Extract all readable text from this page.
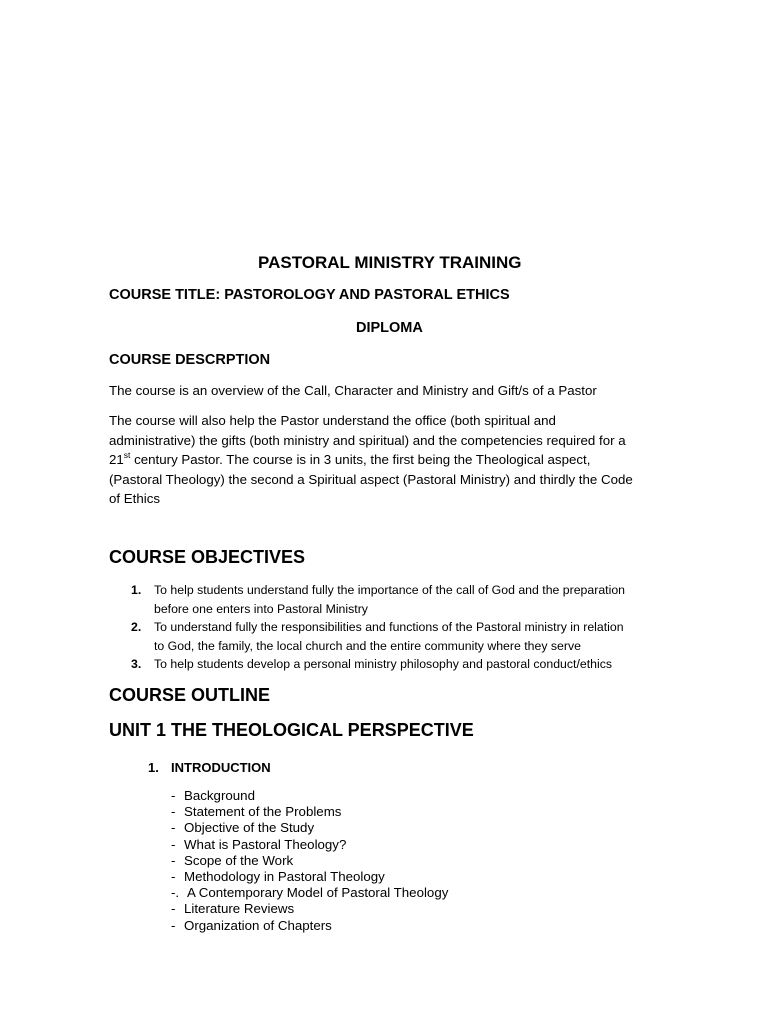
PASTORAL MINISTRY TRAINING
COURSE TITLE: PASTOROLOGY AND PASTORAL ETHICS
DIPLOMA
COURSE DESCRPTION

The course is an overview of the Call, Character and Ministry and Gift/s of a Pastor

The course will also help the Pastor understand the office (both spiritual and

administrative) the gifts (both ministry and spiritual) and the competencies required for a

21st century Pastor. The course is in 3 units, the first being the Theological aspect,

(Pastoral Theology) the second a Spiritual aspect (Pastoral Ministry) and thirdly the Code

of Ethics

COURSE OBJECTIVES
1. To help students understand fully the importance of the call of God and the preparation
before one enters into Pastoral Ministry
2. To understand fully the responsibilities and functions of the Pastoral ministry in relation
to God, the family, the local church and the entire community where they serve
3. To help students develop a personal ministry philosophy and pastoral conduct/ethics
COURSE OUTLINE
UNIT 1 THE THEOLOGICAL PERSPECTIVE
1. INTRODUCTION
- Background
- Statement of the Problems
- Objective of the Study
- What is Pastoral Theology?
- Scope of the Work
- Methodology in Pastoral Theology
-. A Contemporary Model of Pastoral Theology
- Literature Reviews
- Organization of Chapters
